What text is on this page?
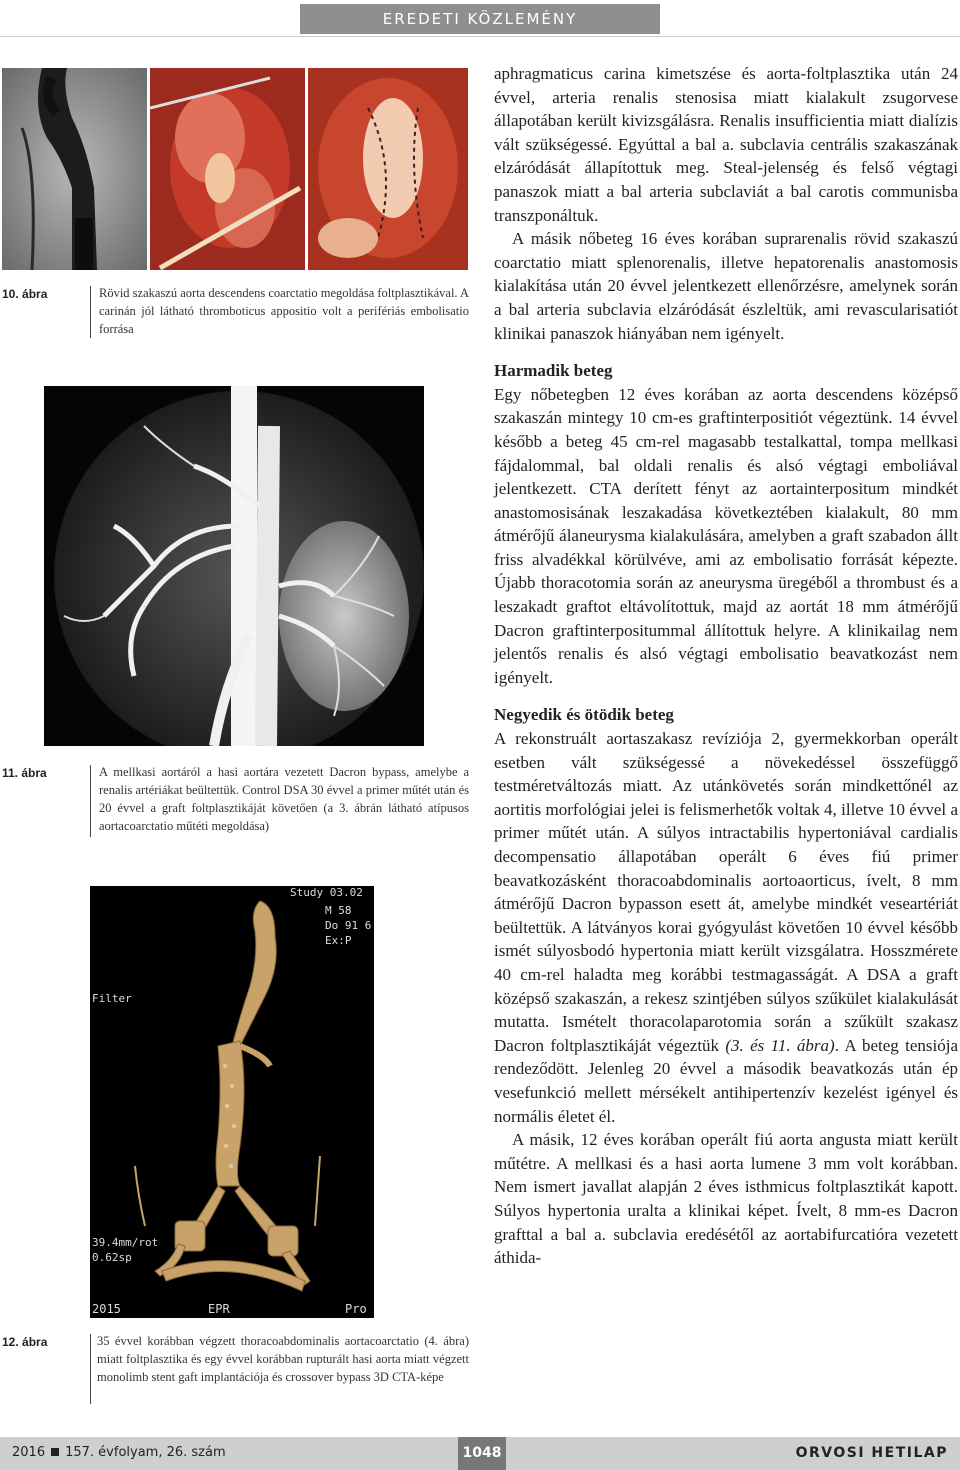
EREDETI KÖZLEMÉNY
10. ábra	Rövid szakaszú aorta descendens coarctatio megoldása foltplasztikával. A carinán jól látható thromboticus appositio volt a perifériás embolisatio forrása
11. ábra	A mellkasi aortáról a hasi aortára vezetett Dacron bypass, amelybe a renalis artériákat beültettük. Control DSA 30 évvel a primer műtét után és 20 évvel a graft foltplasztikáját követően (a 3. ábrán látható atípusos aortacoarctatio műtéti megoldása)
Study 03.02
M 58
Do 91 6
Ex:P
Filter
39.4mm/rot
0.62sp
2015	EPR	Pro
12. ábra	35 évvel korábban végzett thoracoabdominalis aortacoarctatio (4. ábra) miatt foltplasztika és egy évvel korábban rupturált hasi aorta miatt végzett monolimb stent gaft implantációja és crossover bypass 3D CTA-képe

aphragmaticus carina kimetszése és aorta-foltplasztika után 24 évvel, arteria renalis stenosisa miatt kialakult zsugorvese állapotában került kivizsgálásra. Renalis insufficientia miatt dialízis vált szükségessé. Egyúttal a bal a. subclavia centrális szakaszának elzáródását állapítottuk meg. Steal-jelenség és felső végtagi panaszok miatt a bal arteria subclaviát a bal carotis communisba transzponáltuk.

A másik nőbeteg 16 éves korában suprarenalis rövid szakaszú coarctatio miatt splenorenalis, illetve hepatorenalis anastomosis kialakítása után 20 évvel jelentkezett ellenőrzésre, amelynek során a bal arteria subclavia elzáródását észleltük, ami revascularisatiót klinikai panaszok hiányában nem igényelt.

Harmadik beteg

Egy nőbetegben 12 éves korában az aorta descendens középső szakaszán mintegy 10 cm-es graftinterpositiót végeztünk. 14 évvel később a beteg 45 cm-rel magasabb testalkattal, tompa mellkasi fájdalommal, bal oldali renalis és alsó végtagi emboliával jelentkezett. CTA derített fényt az aortainterpositum mindkét anastomosisának leszakadása következtében kialakult, 80 mm átmérőjű álaneurysma kialakulására, amelyben a graft szabadon állt friss alvadékkal körülvéve, ami az embolisatio forrását képezte. Újabb thoracotomia során az aneurysma üregéből a thrombust és a leszakadt graftot eltávolítottuk, majd az aortát 18 mm átmérőjű Dacron graftinterpositummal állítottuk helyre. A klinikailag nem jelentős renalis és alsó végtagi embolisatio beavatkozást nem igényelt.

Negyedik és ötödik beteg

A rekonstruált aortaszakasz revíziója 2, gyermekkorban operált esetben vált szükségessé a növekedéssel összefüggő testméretváltozás miatt. Az utánkövetés során mindkettőnél az aortitis morfológiai jelei is felismerhetők voltak 4, illetve 10 évvel a primer műtét után. A súlyos intractabilis hypertoniával cardialis decompensatio állapotában operált 6 éves fiú primer beavatkozásként thoracoabdominalis aortoaorticus, ívelt, 8 mm átmérőjű Dacron bypasson esett át, amelybe mindkét veseartériát beültettük. A látványos korai gyógyulást követően 10 évvel később ismét súlyosbodó hypertonia miatt került vizsgálatra. Hosszmérete 40 cm-rel haladta meg korábbi testmagasságát. A DSA a graft középső szakaszán, a rekesz szintjében súlyos szűkület kialakulását mutatta. Ismételt thoracolaparotomia során a szűkült szakasz Dacron foltplasztikáját végeztük (3. és 11. ábra). A beteg tensiója rendeződött. Jelenleg 20 évvel a második beavatkozás után ép vesefunkció mellett mérsékelt antihipertenzív kezelést igényel és normális életet él.

A másik, 12 éves korában operált fiú aorta angusta miatt került műtétre. A mellkasi és a hasi aorta lumene 3 mm volt korábban. Nem ismert javallat alapján 2 éves isthmicus foltplasztikát kapott. Súlyos hypertonia uralta a klinikai képet. Ívelt, 8 mm-es Dacron grafttal a bal a. subclavia eredésétől az aortabifurcatióra vezetett áthida-

2016 157. évfolyam, 26. szám	1048	ORVOSI HETILAP
